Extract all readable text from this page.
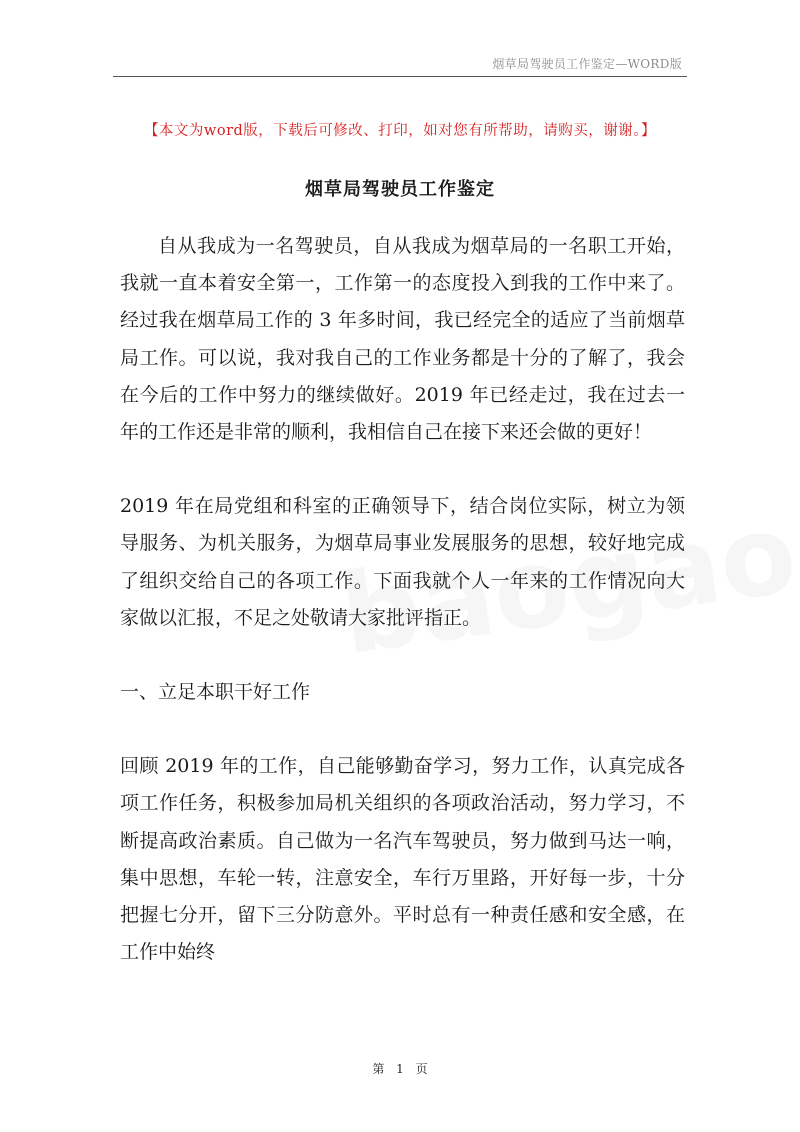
烟草局驾驶员工作鉴定—WORD版
【本文为word版，下载后可修改、打印，如对您有所帮助，请购买，谢谢。】
烟草局驾驶员工作鉴定

自从我成为一名驾驶员，自从我成为烟草局的一名职工开始，我就一直本着安全第一，工作第一的态度投入到我的工作中来了。经过我在烟草局工作的 3 年多时间，我已经完全的适应了当前烟草局工作。可以说，我对我自己的工作业务都是十分的了解了，我会在今后的工作中努力的继续做好。2019 年已经走过，我在过去一年的工作还是非常的顺利，我相信自己在接下来还会做的更好！

2019 年在局党组和科室的正确领导下，结合岗位实际，树立为领导服务、为机关服务，为烟草局事业发展服务的思想，较好地完成了组织交给自己的各项工作。下面我就个人一年来的工作情况向大家做以汇报，不足之处敬请大家批评指正。

一、立足本职干好工作

回顾 2019 年的工作，自己能够勤奋学习，努力工作，认真完成各项工作任务，积极参加局机关组织的各项政治活动，努力学习，不断提高政治素质。自己做为一名汽车驾驶员，努力做到马达一响，集中思想，车轮一转，注意安全，车行万里路，开好每一步，十分把握七分开，留下三分防意外。平时总有一种责任感和安全感，在工作中始终

第 1 页
